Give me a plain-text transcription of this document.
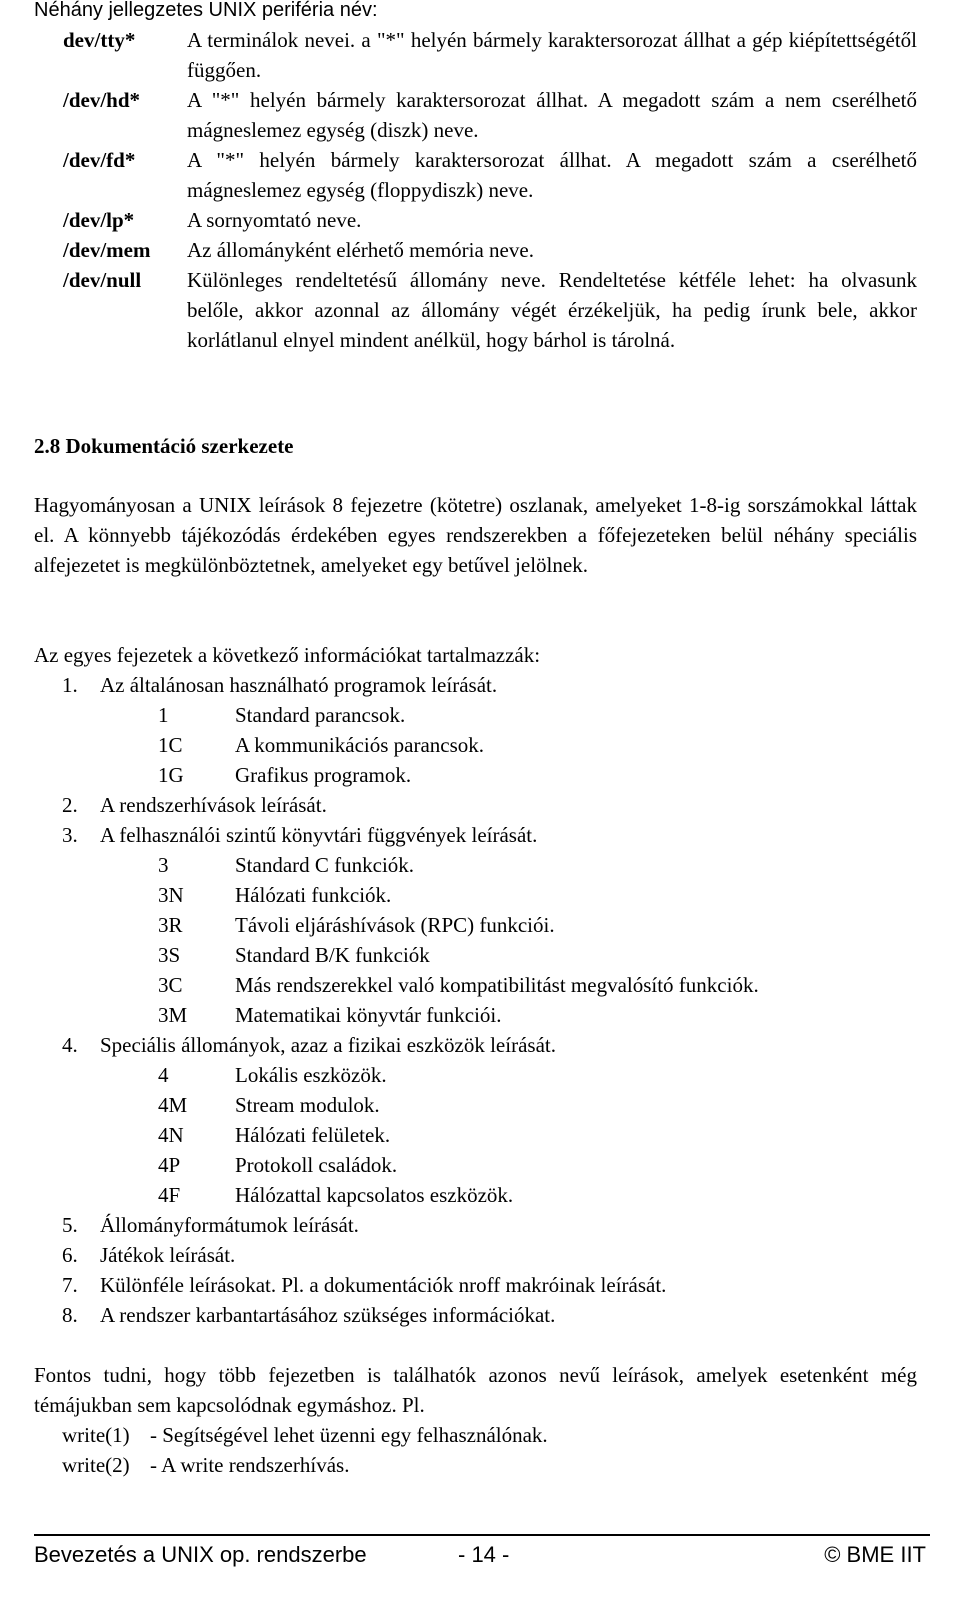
Néhány jellegzetes UNIX periféria név:
dev/tty* A terminálok nevei. a "*" helyén bármely karaktersorozat állhat a gép kiépítettségétől függően.
/dev/hd* A "*" helyén bármely karaktersorozat állhat. A megadott szám a nem cserélhető mágneslemez egység (diszk) neve.
/dev/fd* A "*" helyén bármely karaktersorozat állhat. A megadott szám a cserélhető mágneslemez egység (floppydiszk) neve.
/dev/lp*	A sornyomtató neve.
/dev/mem Az állományként elérhető memória neve.
/dev/null Különleges rendeltetésű állomány neve. Rendeltetése kétféle lehet: ha olvasunk belőle, akkor azonnal az állomány végét érzékeljük, ha pedig írunk bele, akkor korlátlanul elnyel mindent anélkül, hogy bárhol is tárolná.
2.8 Dokumentáció szerkezete
Hagyományosan a UNIX leírások 8 fejezetre (kötetre) oszlanak, amelyeket 1-8-ig sorszámokkal láttak el. A könnyebb tájékozódás érdekében egyes rendszerekben a főfejezeteken belül néhány speciális alfejezetet is megkülönböztetnek, amelyeket egy betűvel jelölnek.
Az egyes fejezetek a következő információkat tartalmazzák:
1. Az általánosan használható programok leírását.
1	Standard parancsok.
1C A kommunikációs parancsok.
1G Grafikus programok.
2. A rendszerhívások leírását.
3. A felhasználói szintű könyvtári függvények leírását.
3	Standard C funkciók.
3N Hálózati funkciók.
3R Távoli eljáráshívások (RPC) funkciói.
3S	Standard B/K funkciók
3C Más rendszerekkel való kompatibilitást megvalósító funkciók.
3M Matematikai könyvtár funkciói.
4. Speciális állományok, azaz a fizikai eszközök leírását.
4	Lokális eszközök.
4M Stream modulok.
4N Hálózati felületek.
4P	Protokoll családok.
4F	Hálózattal kapcsolatos eszközök.
5. Állományformátumok leírását.
6. Játékok leírását.
7. Különféle leírásokat. Pl. a dokumentációk nroff makróinak leírását.
8. A rendszer karbantartásához szükséges információkat.
Fontos tudni, hogy több fejezetben is találhatók azonos nevű leírások, amelyek esetenként még témájukban sem kapcsolódnak egymáshoz. Pl.
write(1) - Segítségével lehet üzenni egy felhasználónak.
write(2) - A write rendszerhívás.
Bevezetés a UNIX op. rendszerbe	- 14 -	© BME IIT
